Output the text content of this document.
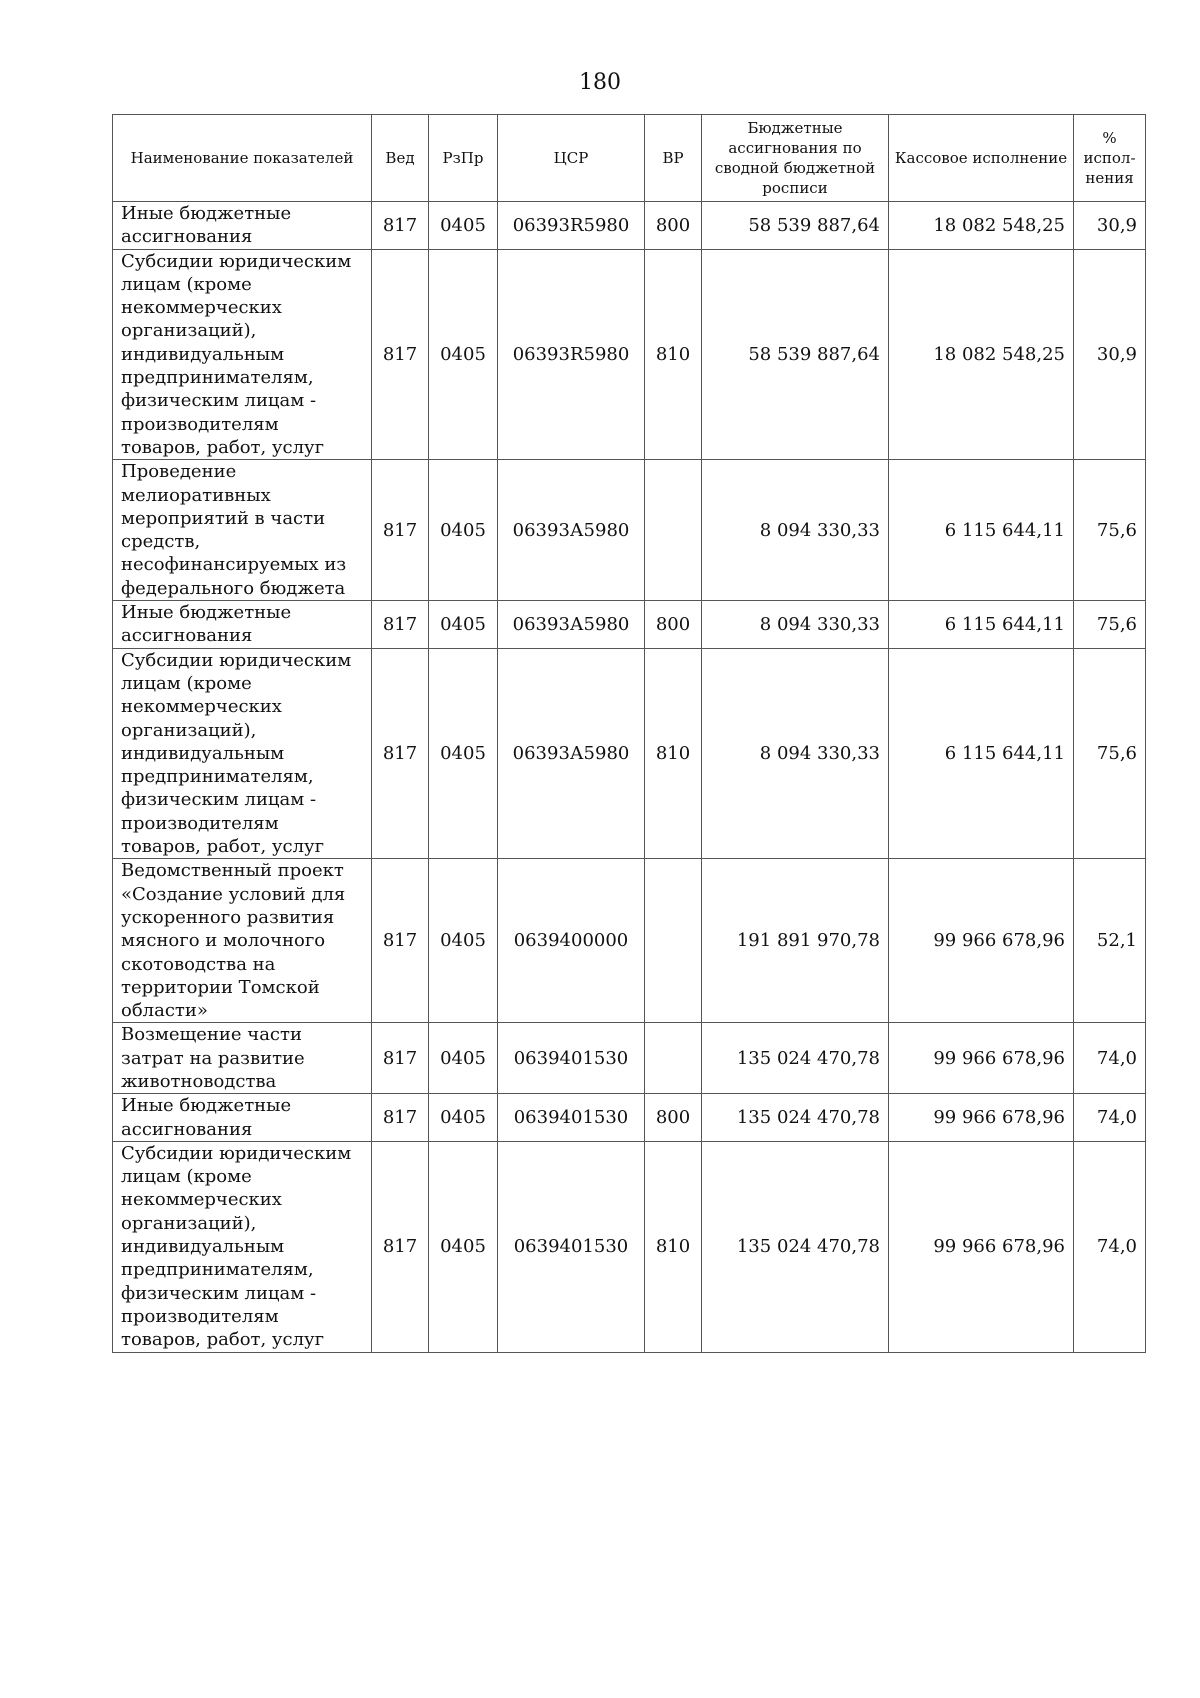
180
Наименование показателей	Вед	РзПр	ЦСР	ВР	Бюджетные ассигнования по сводной бюджетной росписи	Кассовое исполнение	% испол-нения
Иные бюджетные ассигнования	817	0405	06393R5980	800	58 539 887,64	18 082 548,25	30,9
Субсидии юридическим лицам (кроме некоммерческих организаций), индивидуальным предпринимателям, физическим лицам - производителям товаров, работ, услуг	817	0405	06393R5980	810	58 539 887,64	18 082 548,25	30,9
Проведение мелиоративных мероприятий в части средств, несофинансируемых из федерального бюджета	817	0405	06393А5980		8 094 330,33	6 115 644,11	75,6
Иные бюджетные ассигнования	817	0405	06393А5980	800	8 094 330,33	6 115 644,11	75,6
Субсидии юридическим лицам (кроме некоммерческих организаций), индивидуальным предпринимателям, физическим лицам - производителям товаров, работ, услуг	817	0405	06393А5980	810	8 094 330,33	6 115 644,11	75,6
Ведомственный проект «Создание условий для ускоренного развития мясного и молочного скотоводства на территории Томской области»	817	0405	0639400000		191 891 970,78	99 966 678,96	52,1
Возмещение части затрат на развитие животноводства	817	0405	0639401530		135 024 470,78	99 966 678,96	74,0
Иные бюджетные ассигнования	817	0405	0639401530	800	135 024 470,78	99 966 678,96	74,0
Субсидии юридическим лицам (кроме некоммерческих организаций), индивидуальным предпринимателям, физическим лицам - производителям товаров, работ, услуг	817	0405	0639401530	810	135 024 470,78	99 966 678,96	74,0
